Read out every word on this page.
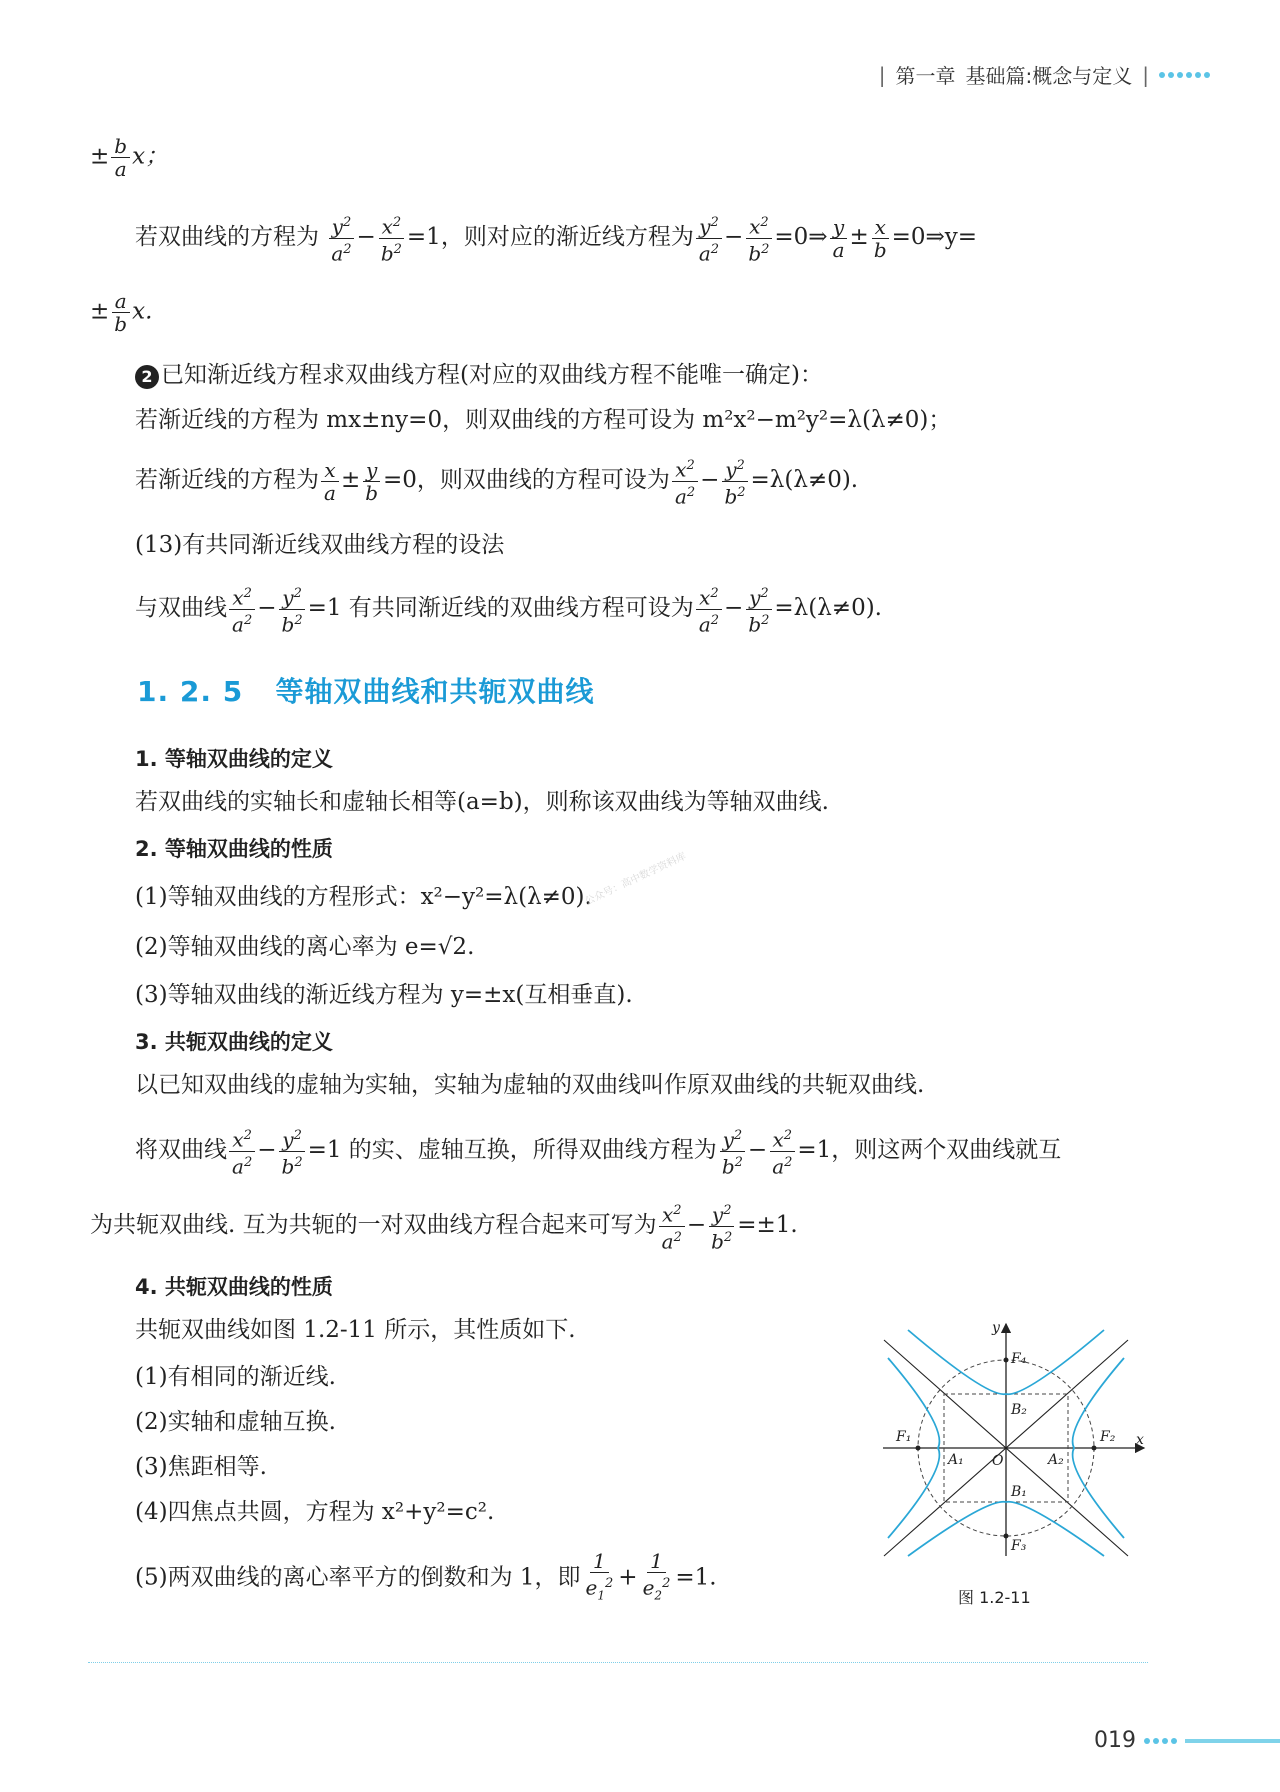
| 第一章 基础篇:概念与定义 |
± $\frac{b}{a}$ x；
若双曲线的方程为 $\frac{y^2}{a^2} - \frac{x^2}{b^2} =1$，则对应的渐近线方程为 $\frac{y^2}{a^2} - \frac{x^2}{b^2}$ =0⇒ $\frac{y}{a} \pm \frac{x}{b}$ =0⇒y=
± $\frac{a}{b} x$.
2 已知渐近线方程求双曲线方程(对应的双曲线方程不能唯一确定)：
若渐近线的方程为 mx±ny=0，则双曲线的方程可设为 m²x²−m²y²=λ(λ≠0)；
若渐近线的方程为 $\frac{x}{a} \pm \frac{y}{b} =0$，则双曲线的方程可设为 $\frac{x^2}{a^2} - \frac{y^2}{b^2} =\lambda(\lambda\ne 0)$.
(13)有共同渐近线双曲线方程的设法
与双曲线 $\frac{x^2}{a^2} - \frac{y^2}{b^2} =1$ 有共同渐近线的双曲线方程可设为 $\frac{x^2}{a^2} - \frac{y^2}{b^2} =\lambda(\lambda\ne 0)$.
1. 2. 5 等轴双曲线和共轭双曲线
1. 等轴双曲线的定义
若双曲线的实轴长和虚轴长相等(a=b)，则称该双曲线为等轴双曲线.
2. 等轴双曲线的性质
(1)等轴双曲线的方程形式：x²−y²=λ(λ≠0).
(2)等轴双曲线的离心率为 e=√2.
(3)等轴双曲线的渐近线方程为 y=±x(互相垂直).
3. 共轭双曲线的定义
以已知双曲线的虚轴为实轴，实轴为虚轴的双曲线叫作原双曲线的共轭双曲线.
将双曲线 $\frac{x^2}{a^2} - \frac{y^2}{b^2} =1$ 的实、虚轴互换，所得双曲线方程为 $\frac{y^2}{b^2} - \frac{x^2}{a^2} =1$，则这两个双曲线就互
为共轭双曲线. 互为共轭的一对双曲线方程合起来可写为 $\frac{x^2}{a^2} - \frac{y^2}{b^2} =\pm 1$.
4. 共轭双曲线的性质
共轭双曲线如图 1.2-11 所示，其性质如下.
(1)有相同的渐近线.
(2)实轴和虚轴互换.
(3)焦距相等.
(4)四焦点共圆，方程为 x²+y²=c².
(5)两双曲线的离心率平方的倒数和为 1，即 $\frac{1}{e_1^2} + \frac{1}{e_2^2} =1$.
y
x
O
F₁	F₂
F₃
F₄
A₁	A₂
B₂
B₁
图 1.2-11
公众号：高中数学资料库
019
